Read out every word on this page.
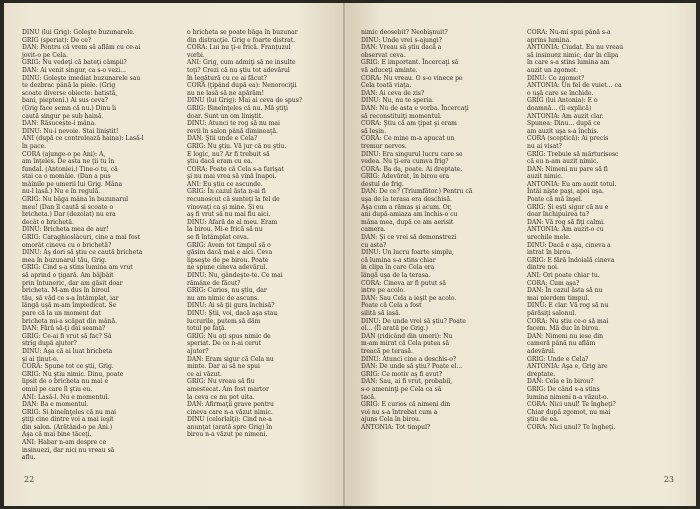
DINU (lui Grig): Goleşte buzunarele.
GRIG (speriat): De ce?
DAN: Pentru că vrem să aflăm cu ce-ai
jovit-o pe Cela.
GRIG: Nu vedeţi că bateţi câmpii?
DAN: Ai venit singur, ca s-o vezi...
DINU: Goleşte imediat buzunarele sau
te dezbrac până la piele. (Grig
scoate diverse obiecte: batistă,
bani, piepteni.) Ai sus ceva?
(Grig face semn că nu.) Dinu îi
caută singur pe sub haină.
DAN: Răsucește-i mâna.
DINU: Nu-i nevoie. Stai liniştit!
ANI (după ce controlează haina): Lasă-l
în pace.
CORA (ajunge-o pe Ani): A,
am înţeles. De asta ne ţii tu în
fundal. (Antoniei.) Tine-o tu, că
stai ca o momâie. (Dan a pus
mâinile pe umerii lui Grig. Mâna
nu-l lasă.) Nu e în regulă.
GRIG: Nu băga mâna în buzunarul
meu! (Dan îl caută și scoate o
bricheta.) Dar (dezolat) nu era
decât o brichetă.
DINU: Bricheta mea de aur!
GRIG: Caraghioslâcuri, cine a mai fost
omorât cineva cu o brichetă?
DINU: Aş dori să ştiu ce caută bricheta
mea în buzunarul tău, Grig.
GRIG: Cind s-a stins lumina am vrut
să aprind o ţigară. Am bâjbâit
prin întuneric, dar am găsit doar
bricheta. M-am dus în biroul
tău, să văd ce s-a întâmplat, iar
lângă uşă m-am împiedicat. Se
pare că la un moment dat
bricheta mi-a scăpat din mână.
DAN: Fără să-ţi dai seama?
GRIG: Ce-ai fi vrut să fac? Să
strig după ajutor?
DINU: Aşa că ai luat bricheta
şi ai ţinut-o.
CORA: Spune tot ce ştii, Grig.
GRIG: Nu ştiu nimic. Dinu, poate
lipsit de o bricheta nu mai e
omul pe care îl ştiu eu.
ANI: Lasă-l. Nu e momentul.
DAN: Ba e momentul.
GRIG: Si bineînţeles că nu mai
ştiţi cine dintre voi a mai ieşit
din salon. (Arătând-o pe Ani.)
Aşa că mai bine tăceţi.
ANI: Habar n-am despre ce
insinuezi, dar nici nu vreau să
aflu.
o bricheta se poate băga în buzunar
din distracţie. Grig e foarte distrat.
CORA: Lui nu ţi-e frică. Franțuzul
vorbi.
ANI: Grig, cum admiţi să ne insulte
toţi? Crezi că nu ştiu tot adevărul
în legătură cu ce ai făcut?
CORA (ţipând după ea): Nenorociţii
nu ne lasă să ne apărăm!
DINU (lui Grig): Mai ai ceva de spus?
GRIG: Bineînţeles că nu. Mă ştiţi
doar. Sunt un om liniştit.
DINU: Atunci te rog să nu mai
revii în salon până dimineaţă.
DAN: Ştii unde e Cela?
GRIG: Nu ştiu. Vă jur că nu ştiu.
E logic, nu? Ar fi trebuit să
ştiu dacă eram cu ea.
CORA: Poate că Cela s-a furişat
şi nu mai vrea să vină înapoi.
ANI: Eu ştiu ce ascunde.
GRIG: În cazul ăsta n-ai fi
recunoscut că sunteţi la fel de
vinovaţi ca şi mine. Şi eu
aş fi vrut să nu mai fiu aici.
DINU: Afară de al meu. Eram
la birou. Mi-e frică să nu
se fi întâmplat ceva.
GRIG: Avem tot timpul să o
găsim dacă mai e aici. Ceva
lipseşte de pe birou. Poate
ne spune cineva adevărul.
DINU: Nu, gândeşte-te. Ce mai
rămâne de făcut?
GRIG: Curios, nu ştiu, dar
nu am nimic de ascuns.
DINU: Ai să ţii gura închisă?
DINU: Ştii, voi, dacă aşa stau
lucrurile, putem să dăm
totul pe faţă.
GRIG: Nu aţi spus nimic de
speriat. De ce n-ai cerut
ajutor?
DAN: Eram sigur că Cela nu
minte. Dar ai să ne spui
ce ai văzut.
GRIG: Nu vreau să fiu
amestecat. Am fost martor
la ceva ce nu pot uita.
DAN: Afirmaţii grave pentru
cineva care n-a văzut nimic.
DINU (celorlalţi): Cind ne-a
anunţat (arată spre Grig) în
birou n-a văzut pe nimeni.
22
nimic deosebit? Neobişnuit?
DINU: Unde vrei s-ajungi?
DAN: Vreau să ştiu dacă a
observat ceva.
GRIG: E important. Încercaţi să
vă aduceţi aminte.
CORA: Nu vreau. O s-o vinece pe
Cela toată viaţa.
DAN: Ai ceva de zis?
DINU: Nu, nu te speria.
DAN: Nu de asta e vorba. Încercaţi
să reconstituiţi momentul.
CORA: Ştiu că am ţipat şi eram
să leşin.
CORA: Ce mine m-a apucat un
tremur nervos.
DINU: Era singurul lucru care se
vedea. Nu ţi-era cumva frig?
CORA: Ba da, poate. Ai dreptate.
GRIG: Adevărat, în birou era
destul de frig.
DAN: De ce? (Triumfător.) Pentru că
uşa de la terasa era deschisă.
Aşa cum a rămas şi acum. Or,
ani după-amiaza am închis-o cu
mâna mea, după ce am aerisit
camera.
DAN: Şi ce vrei să demonstrezi
cu asta?
DINU: Un lucru foarte simplu,
că lumina s-a stins chiar
în clipa în care Cela era
lângă uşa de la terasa.
CORA: Cineva ar fi putut să
intre pe acolo.
DAN: Sau Cela a ieşit pe acolo.
Poate că Cela a fost
silită să iasă.
DINU: De unde vrei să ştiu? Poate
el... (Îl arată pe Grig.)
DAN (ridicând din umeri): Nu
m-am mirat că Cela putea să
treacă pe terasă.
DINU: Atunci cine a deschis-o?
DAN: De unde să ştiu? Poate el...
GRIG: Ce motiv aş fi avut?
DAN: Sau, ai fi vrut, probabil,
s-o ameninţi pe Cela ca să
tacă.
GRIG: E curios că nimeni din
voi nu s-a întrebat cum a
ajuns Cela în birou.
ANTONIA: Tot timpul?
CORA: Nu-mi spui până s-a
aprins lumina.
ANTONIA: Ciudat. Eu nu vreau
să insinuez nimic, dar în clipa
în care s-a stins lumina am
auzit un zgomot.
DINU: Ce zgomot?
ANTONIA: Un fel de vuiet... ca
o uşă care se închide.
GRIG (lui Antonia): E o
doamnă... (îi explică)
ANTONIA: Am auzit clar.
Spunea: Dinu... după ce
am auzit uşa s-a închis.
CORA (sceptică): Ai precis
nu ai visat?
GRIG: Trebuie să mărturisesc
că eu n-am auzit nimic.
DAN: Nimeni nu pare să fi
auzit nimic.
ANTONIA: Eu am auzit totul.
Întâi nişte paşi, apoi uşa.
Poate că mă înşel.
GRIG: Şi eşti sigur că nu e
doar închipuirea ta?
DAN: Vă rog să fiţi calmi.
ANTONIA: Am auzit-o cu
urechile mele.
DINU: Dacă e aşa, cineva a
intrat în birou.
GRIG: E fără îndoială cineva
dintre noi.
ANI: Ori poate chiar tu.
CORA: Cum aşa?
DAN: În cazul ăsta să nu
mai pierdem timpul.
DINU: E clar. Vă rog să nu
părăsiţi salonul.
CORA: Nu ştiu ce-o să mai
facem. Mă duc în birou.
DAN: Nimeni nu iese din
cameră până nu aflăm
adevărul.
GRIG: Unde e Cela?
ANTONIA: Aşa e, Grig are
dreptate.
DAN: Cela e în birou?
GRIG: De când s-a stins
lumina nimeni n-a văzut-o.
CORA: Nici unul! Te îngheţi?
Chiar după zgomot, nu mai
ştiu de ea.
CORA: Nici unul? Te îngheţi.
23
